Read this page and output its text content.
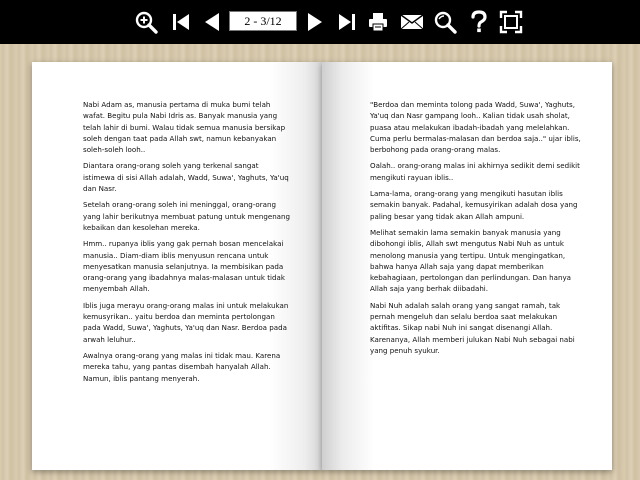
2 - 3/12

Nabi Adam as, manusia pertama di muka bumi telah wafat. Begitu pula Nabi Idris as. Banyak manusia yang telah lahir di bumi. Walau tidak semua manusia bersikap soleh dengan taat pada Allah swt, namun kebanyakan soleh-soleh looh..

Diantara orang-orang soleh yang terkenal sangat istimewa di sisi Allah adalah, Wadd, Suwa', Yaghuts, Ya'uq dan Nasr.

Setelah orang-orang soleh ini meninggal, orang-orang yang lahir berikutnya membuat patung untuk mengenang kebaikan dan kesolehan mereka.

Hmm.. rupanya iblis yang gak pernah bosan mencelakai manusia.. Diam-diam iblis menyusun rencana untuk menyesatkan manusia selanjutnya. Ia membisikan pada orang-orang yang ibadahnya malas-malasan untuk tidak menyembah Allah.

Iblis juga merayu orang-orang malas ini untuk melakukan kemusyrikan.. yaitu berdoa dan meminta pertolongan pada Wadd, Suwa', Yaghuts, Ya'uq dan Nasr. Berdoa pada arwah leluhur..

Awalnya orang-orang yang malas ini tidak mau. Karena mereka tahu, yang pantas disembah hanyalah Allah. Namun, iblis pantang menyerah.

"Berdoa dan meminta tolong pada Wadd, Suwa', Yaghuts, Ya'uq dan Nasr gampang looh.. Kalian tidak usah sholat, puasa atau melakukan ibadah-ibadah yang melelahkan. Cuma perlu bermalas-malasan dan berdoa saja.." ujar iblis, berbohong pada orang-orang malas.

Oalah.. orang-orang malas ini akhirnya sedikit demi sedikit mengikuti rayuan iblis..

Lama-lama, orang-orang yang mengikuti hasutan iblis semakin banyak. Padahal, kemusyirikan adalah dosa yang paling besar yang tidak akan Allah ampuni.

Melihat semakin lama semakin banyak manusia yang dibohongi iblis, Allah swt mengutus Nabi Nuh as untuk menolong manusia yang tertipu. Untuk mengingatkan, bahwa hanya Allah saja yang dapat memberikan kebahagiaan, pertolongan dan perlindungan. Dan hanya Allah saja yang berhak diibadahi.

Nabi Nuh adalah salah orang yang sangat ramah, tak pernah mengeluh dan selalu berdoa saat melakukan aktifitas. Sikap nabi Nuh ini sangat disenangi Allah. Karenanya, Allah memberi julukan Nabi Nuh sebagai nabi yang penuh syukur.
